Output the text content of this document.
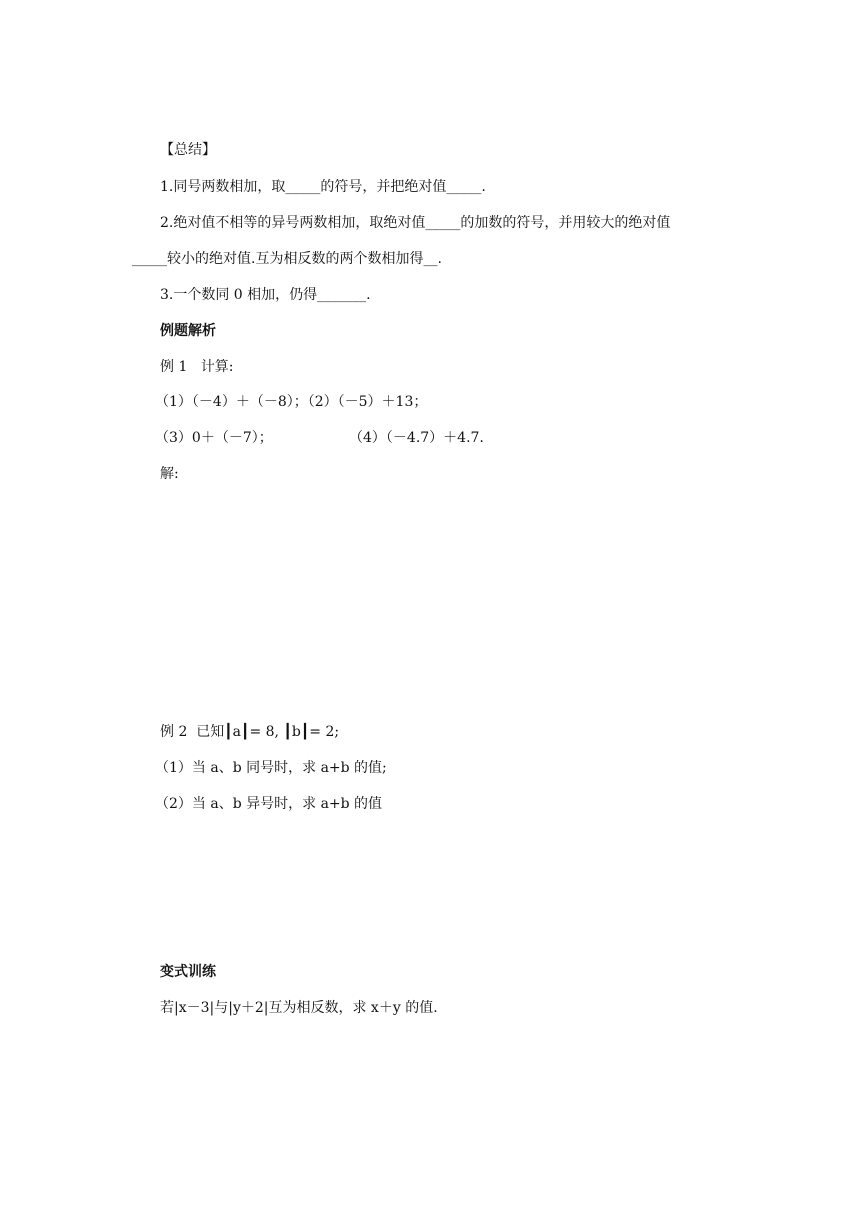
【总结】
1.同号两数相加，取_____的符号，并把绝对值_____.
2.绝对值不相等的异号两数相加，取绝对值_____的加数的符号，并用较大的绝对值
_____较小的绝对值.互为相反数的两个数相加得__.
3.一个数同 0 相加，仍得_______.
例题解析
例 1   计算:
（1）（－4）＋（－8）；（2）（－5）＋13；
（3）0＋（－7）；	（4）（－4.7）＋4.7.
解:
例 2  已知┃a┃= 8, ┃b┃= 2;
（1）当 a、b 同号时，求 a+b 的值;
（2）当 a、b 异号时，求 a+b 的值
变式训练
若|x－3|与|y＋2|互为相反数，求 x＋y 的值.
